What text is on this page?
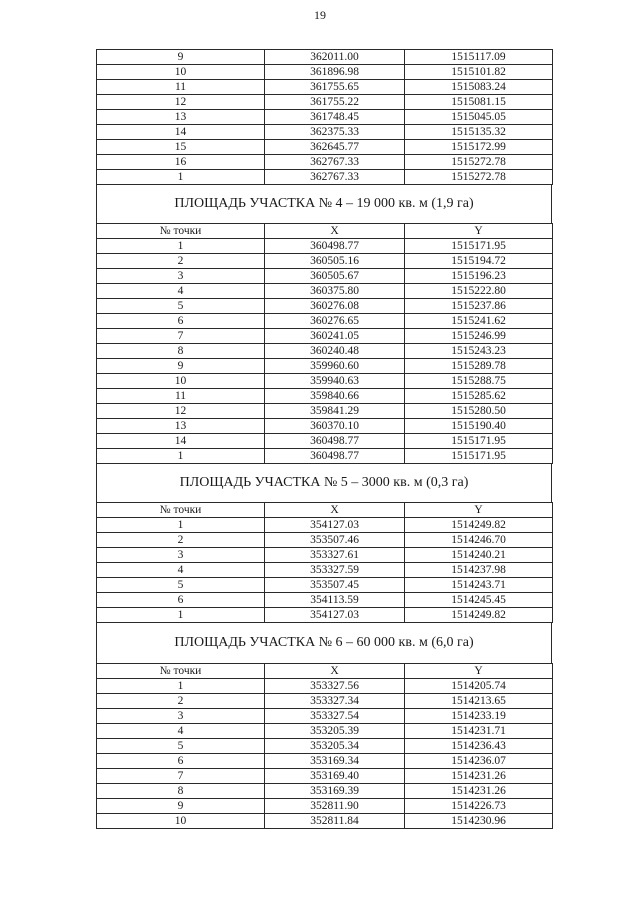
19
9	362011.00	1515117.09
10	361896.98	1515101.82
11	361755.65	1515083.24
12	361755.22	1515081.15
13	361748.45	1515045.05
14	362375.33	1515135.32
15	362645.77	1515172.99
16	362767.33	1515272.78
1	362767.33	1515272.78
ПЛОЩАДЬ УЧАСТКА № 4 – 19 000 кв. м (1,9 га)
№ точки	X	Y
1	360498.77	1515171.95
2	360505.16	1515194.72
3	360505.67	1515196.23
4	360375.80	1515222.80
5	360276.08	1515237.86
6	360276.65	1515241.62
7	360241.05	1515246.99
8	360240.48	1515243.23
9	359960.60	1515289.78
10	359940.63	1515288.75
11	359840.66	1515285.62
12	359841.29	1515280.50
13	360370.10	1515190.40
14	360498.77	1515171.95
1	360498.77	1515171.95
ПЛОЩАДЬ УЧАСТКА № 5 – 3000 кв. м (0,3 га)
№ точки	X	Y
1	354127.03	1514249.82
2	353507.46	1514246.70
3	353327.61	1514240.21
4	353327.59	1514237.98
5	353507.45	1514243.71
6	354113.59	1514245.45
1	354127.03	1514249.82
ПЛОЩАДЬ УЧАСТКА № 6 – 60 000 кв. м (6,0 га)
№ точки	X	Y
1	353327.56	1514205.74
2	353327.34	1514213.65
3	353327.54	1514233.19
4	353205.39	1514231.71
5	353205.34	1514236.43
6	353169.34	1514236.07
7	353169.40	1514231.26
8	353169.39	1514231.26
9	352811.90	1514226.73
10	352811.84	1514230.96
